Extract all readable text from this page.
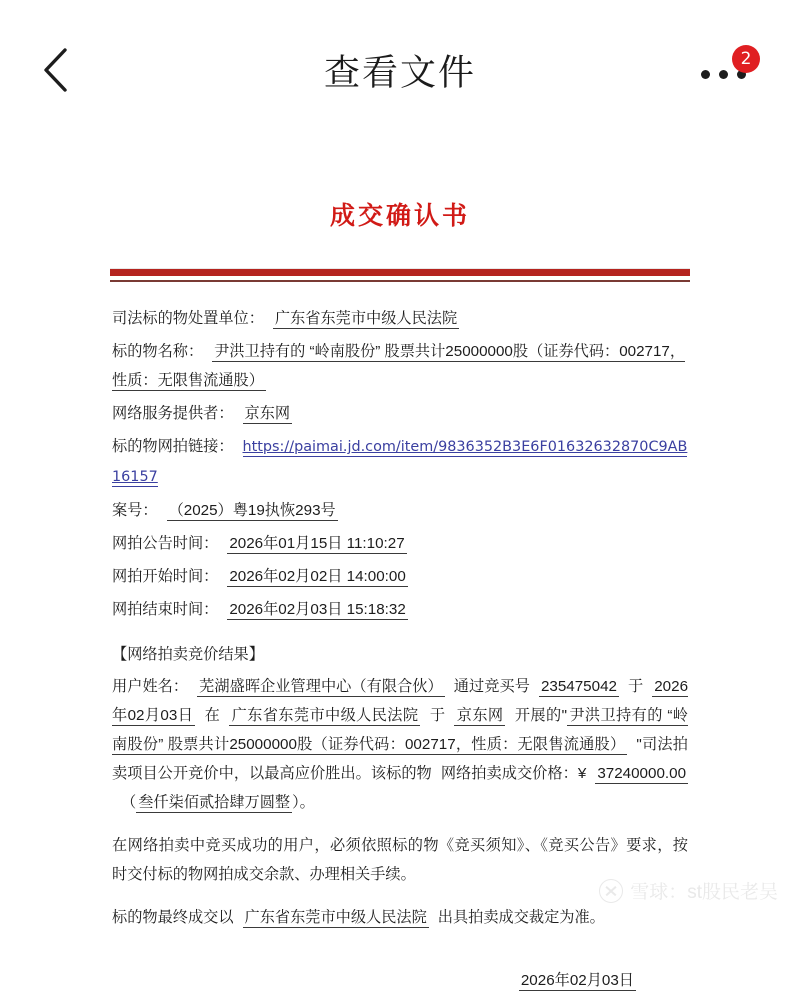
查看文件	2
成交确认书
司法标的物处置单位： 广东省东莞市中级人民法院
标的物名称： 尹洪卫持有的 “岭南股份” 股票共计25000000股（证券代码：002717，性质：无限售流通股）
网络服务提供者： 京东网
标的物网拍链接： https://paimai.jd.com/item/9836352B3E6F01632632870C9AB16157
案号： （2025）粤19执恢293号
网拍公告时间： 2026年01月15日 11:10:27
网拍开始时间： 2026年02月02日 14:00:00
网拍结束时间： 2026年02月03日 15:18:32
【网络拍卖竞价结果】
用户姓名： 芜湖盛晖企业管理中心（有限合伙） 通过竞买号 235475042 于 2026年02月03日 在 广东省东莞市中级人民法院 于 京东网 开展的" 尹洪卫持有的 “岭南股份” 股票共计25000000股（证券代码：002717，性质：无限售流通股） "司法拍卖项目公开竞价中，以最高应价胜出。该标的物 网络拍卖成交价格：¥ 37240000.00（ 叁仟柒佰贰拾肆万圆整 ）。
在网络拍卖中竞买成功的用户，必须依照标的物《竞买须知》、《竞买公告》要求，按时交付标的物网拍成交余款、办理相关手续。
标的物最终成交以 广东省东莞市中级人民法院 出具拍卖成交裁定为准。
2026年02月03日
雪球：st股民老吴
